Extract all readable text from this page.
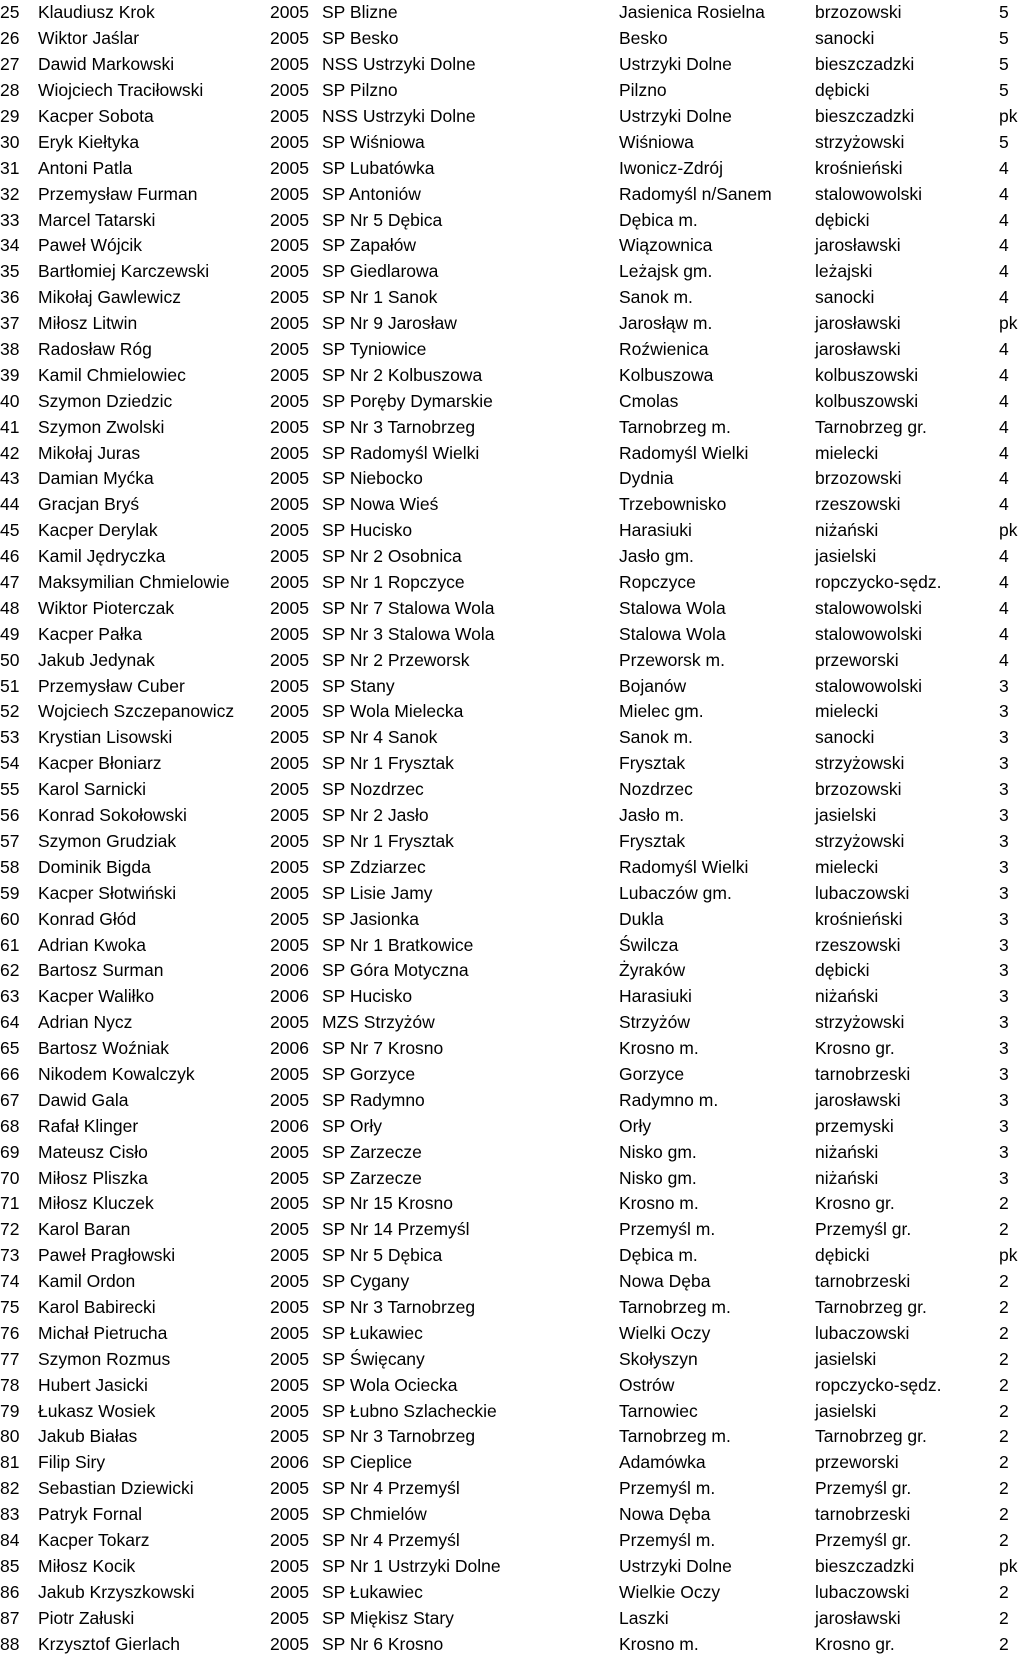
25	Klaudiusz Krok	2005	SP Blizne	Jasienica Rosielna	brzozowski	5
26	Wiktor Jaślar	2005	SP Besko	Besko	sanocki	5
27	Dawid Markowski	2005	NSS Ustrzyki Dolne	Ustrzyki Dolne	bieszczadzki	5
28	Wiojciech Traciłowski	2005	SP Pilzno	Pilzno	dębicki	5
29	Kacper Sobota	2005	NSS Ustrzyki Dolne	Ustrzyki Dolne	bieszczadzki	pk
30	Eryk Kiełtyka	2005	SP Wiśniowa	Wiśniowa	strzyżowski	5
31	Antoni Patla	2005	SP Lubatówka	Iwonicz-Zdrój	krośnieński	4
32	Przemysław Furman	2005	SP Antoniów	Radomyśl n/Sanem	stalowowolski	4
33	Marcel Tatarski	2005	SP Nr 5 Dębica	Dębica m.	dębicki	4
34	Paweł Wójcik	2005	SP Zapałów	Wiązownica	jarosławski	4
35	Bartłomiej Karczewski	2005	SP Giedlarowa	Leżajsk gm.	leżajski	4
36	Mikołaj Gawlewicz	2005	SP Nr 1 Sanok	Sanok m.	sanocki	4
37	Miłosz Litwin	2005	SP Nr 9 Jarosław	Jarosłąw m.	jarosławski	pk
38	Radosław Róg	2005	SP Tyniowice	Roźwienica	jarosławski	4
39	Kamil Chmielowiec	2005	SP Nr 2 Kolbuszowa	Kolbuszowa	kolbuszowski	4
40	Szymon Dziedzic	2005	SP Poręby Dymarskie	Cmolas	kolbuszowski	4
41	Szymon Zwolski	2005	SP Nr 3 Tarnobrzeg	Tarnobrzeg m.	Tarnobrzeg gr.	4
42	Mikołaj Juras	2005	SP Radomyśl Wielki	Radomyśl Wielki	mielecki	4
43	Damian Myćka	2005	SP Niebocko	Dydnia	brzozowski	4
44	Gracjan Bryś	2005	SP Nowa Wieś	Trzebownisko	rzeszowski	4
45	Kacper Derylak	2005	SP Hucisko	Harasiuki	niżański	pk
46	Kamil Jędryczka	2005	SP Nr 2 Osobnica	Jasło gm.	jasielski	4
47	Maksymilian Chmielowie	2005	SP Nr 1 Ropczyce	Ropczyce	ropczycko-sędz.	4
48	Wiktor Pioterczak	2005	SP Nr 7 Stalowa Wola	Stalowa Wola	stalowowolski	4
49	Kacper Pałka	2005	SP Nr 3 Stalowa Wola	Stalowa Wola	stalowowolski	4
50	Jakub Jedynak	2005	SP Nr 2 Przeworsk	Przeworsk m.	przeworski	4
51	Przemysław Cuber	2005	SP Stany	Bojanów	stalowowolski	3
52	Wojciech Szczepanowicz	2005	SP Wola Mielecka	Mielec gm.	mielecki	3
53	Krystian Lisowski	2005	SP Nr 4 Sanok	Sanok m.	sanocki	3
54	Kacper Błoniarz	2005	SP Nr 1 Frysztak	Frysztak	strzyżowski	3
55	Karol Sarnicki	2005	SP Nozdrzec	Nozdrzec	brzozowski	3
56	Konrad Sokołowski	2005	SP Nr 2 Jasło	Jasło m.	jasielski	3
57	Szymon Grudziak	2005	SP Nr 1 Frysztak	Frysztak	strzyżowski	3
58	Dominik Bigda	2005	SP Zdziarzec	Radomyśl Wielki	mielecki	3
59	Kacper Słotwiński	2005	SP Lisie Jamy	Lubaczów gm.	lubaczowski	3
60	Konrad Głód	2005	SP Jasionka	Dukla	krośnieński	3
61	Adrian Kwoka	2005	SP Nr 1 Bratkowice	Świlcza	rzeszowski	3
62	Bartosz Surman	2006	SP Góra Motyczna	Żyraków	dębicki	3
63	Kacper Waliłko	2006	SP Hucisko	Harasiuki	niżański	3
64	Adrian Nycz	2005	MZS Strzyżów	Strzyżów	strzyżowski	3
65	Bartosz Woźniak	2006	SP Nr 7 Krosno	Krosno m.	Krosno gr.	3
66	Nikodem Kowalczyk	2005	SP Gorzyce	Gorzyce	tarnobrzeski	3
67	Dawid Gala	2005	SP Radymno	Radymno m.	jarosławski	3
68	Rafał Klinger	2006	SP Orły	Orły	przemyski	3
69	Mateusz Cisło	2005	SP Zarzecze	Nisko gm.	niżański	3
70	Miłosz Pliszka	2005	SP Zarzecze	Nisko gm.	niżański	3
71	Miłosz Kluczek	2005	SP Nr 15 Krosno	Krosno m.	Krosno gr.	2
72	Karol Baran	2005	SP Nr 14 Przemyśl	Przemyśl m.	Przemyśl gr.	2
73	Paweł Pragłowski	2005	SP Nr 5 Dębica	Dębica m.	dębicki	pk
74	Kamil Ordon	2005	SP Cygany	Nowa Dęba	tarnobrzeski	2
75	Karol Babirecki	2005	SP Nr 3 Tarnobrzeg	Tarnobrzeg m.	Tarnobrzeg gr.	2
76	Michał Pietrucha	2005	SP Łukawiec	Wielki Oczy	lubaczowski	2
77	Szymon Rozmus	2005	SP Święcany	Skołyszyn	jasielski	2
78	Hubert Jasicki	2005	SP Wola Ociecka	Ostrów	ropczycko-sędz.	2
79	Łukasz Wosiek	2005	SP Łubno Szlacheckie	Tarnowiec	jasielski	2
80	Jakub Białas	2005	SP Nr 3 Tarnobrzeg	Tarnobrzeg m.	Tarnobrzeg gr.	2
81	Filip Siry	2006	SP Cieplice	Adamówka	przeworski	2
82	Sebastian Dziewicki	2005	SP Nr 4 Przemyśl	Przemyśl m.	Przemyśl gr.	2
83	Patryk Fornal	2005	SP Chmielów	Nowa Dęba	tarnobrzeski	2
84	Kacper Tokarz	2005	SP Nr 4 Przemyśl	Przemyśl m.	Przemyśl gr.	2
85	Miłosz Kocik	2005	SP Nr 1 Ustrzyki Dolne	Ustrzyki Dolne	bieszczadzki	pk
86	Jakub Krzyszkowski	2005	SP Łukawiec	Wielkie Oczy	lubaczowski	2
87	Piotr Załuski	2005	SP Miękisz Stary	Laszki	jarosławski	2
88	Krzysztof Gierlach	2005	SP Nr 6 Krosno	Krosno m.	Krosno gr.	2
